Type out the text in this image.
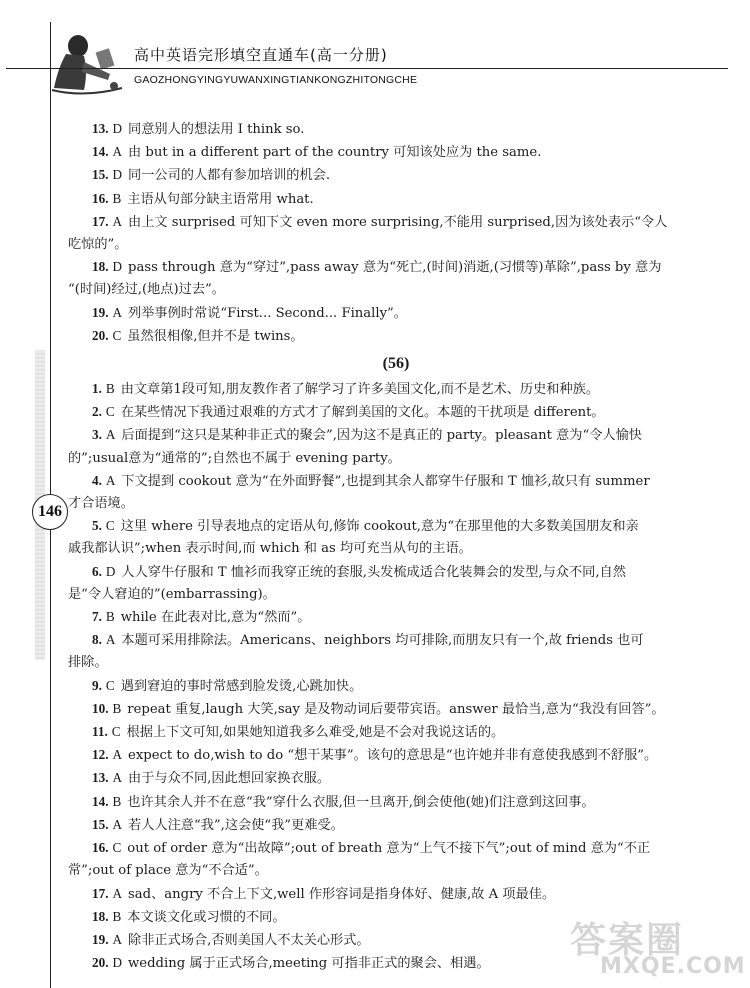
高中英语完形填空直通车(高一分册)
GAOZHONGYINGYUWANXINGTIANKONGZHITONGCHE
146

13. D 同意别人的想法用 I think so.

14. A 由 but in a different part of the country 可知该处应为 the same.

15. D 同一公司的人都有参加培训的机会.

16. B 主语从句部分缺主语常用 what.

17. A 由上文 surprised 可知下文 even more surprising,不能用 surprised,因为该处表示“令人

吃惊的”。

18. D pass through 意为“穿过”,pass away 意为“死亡,(时间)消逝,(习惯等)革除”,pass by 意为

“(时间)经过,(地点)过去”。

19. A 列举事例时常说“First... Second... Finally”。

20. C 虽然很相像,但并不是 twins。

(56)

1. B 由文章第1段可知,朋友教作者了解学习了许多美国文化,而不是艺术、历史和种族。

2. C 在某些情况下我通过艰难的方式才了解到美国的文化。本题的干扰项是 different。

3. A 后面提到“这只是某种非正式的聚会”,因为这不是真正的 party。pleasant 意为“令人愉快

的”;usual意为“通常的”;自然也不属于 evening party。

4. A 下文提到 cookout 意为“在外面野餐”,也提到其余人都穿牛仔服和 T 恤衫,故只有 summer

才合语境。

5. C 这里 where 引导表地点的定语从句,修饰 cookout,意为“在那里他的大多数美国朋友和亲

戚我都认识”;when 表示时间,而 which 和 as 均可充当从句的主语。

6. D 人人穿牛仔服和 T 恤衫而我穿正统的套服,头发梳成适合化装舞会的发型,与众不同,自然

是“令人窘迫的”(embarrassing)。

7. B while 在此表对比,意为“然而”。

8. A 本题可采用排除法。Americans、neighbors 均可排除,而朋友只有一个,故 friends 也可

排除。

9. C 遇到窘迫的事时常感到脸发烫,心跳加快。

10. B repeat 重复,laugh 大笑,say 是及物动词后要带宾语。answer 最恰当,意为“我没有回答”。

11. C 根据上下文可知,如果她知道我多么难受,她是不会对我说这话的。

12. A expect to do,wish to do “想干某事”。该句的意思是“也许她并非有意使我感到不舒服”。

13. A 由于与众不同,因此想回家换衣服。

14. B 也许其余人并不在意“我”穿什么衣服,但一旦离开,倒会使他(她)们注意到这回事。

15. A 若人人注意“我”,这会使“我”更难受。

16. C out of order 意为“出故障”;out of breath 意为“上气不接下气”;out of mind 意为“不正

常”;out of place 意为“不合适”。

17. A sad、angry 不合上下文,well 作形容词是指身体好、健康,故 A 项最佳。

18. B 本文谈文化或习惯的不同。

19. A 除非正式场合,否则美国人不太关心形式。

20. D wedding 属于正式场合,meeting 可指非正式的聚会、相遇。

答案圈
MXQE.COM
